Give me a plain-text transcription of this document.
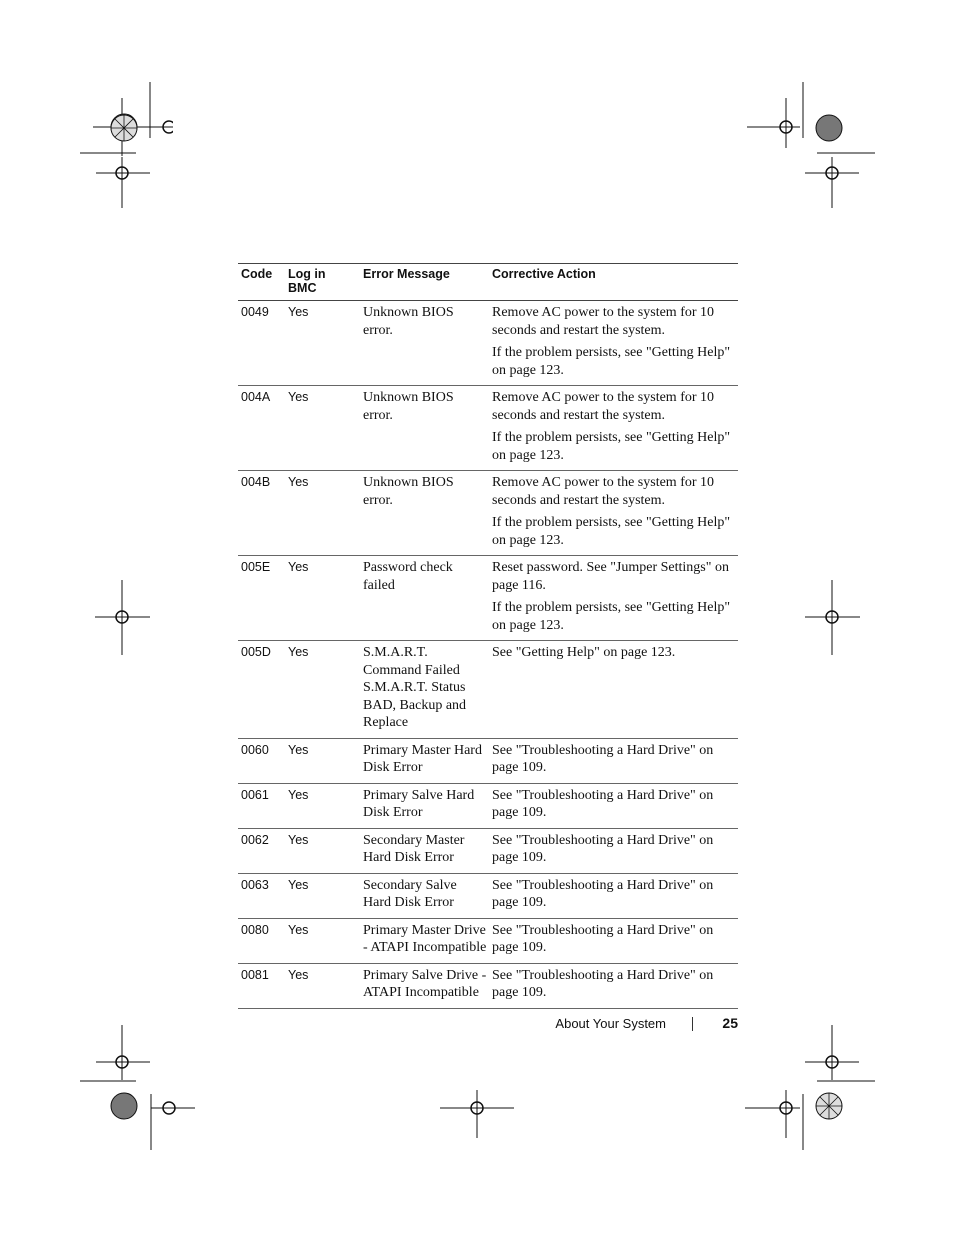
Code	Log in BMC	Error Message	Corrective Action
0049	Yes	Unknown BIOS error.	Remove AC power to the system for 10 seconds and restart the system.

If the problem persists, see "Getting Help" on page 123.

004A	Yes	Unknown BIOS error.	Remove AC power to the system for 10 seconds and restart the system.

If the problem persists, see "Getting Help" on page 123.

004B	Yes	Unknown BIOS error.	Remove AC power to the system for 10 seconds and restart the system.

If the problem persists, see "Getting Help" on page 123.

005E	Yes	Password check failed	Reset password. See "Jumper Settings" on page 116.

If the problem persists, see "Getting Help" on page 123.

005D	Yes	S.M.A.R.T. Command Failed S.M.A.R.T. Status BAD, Backup and Replace	See "Getting Help" on page 123.

0060	Yes	Primary Master Hard Disk Error	See "Troubleshooting a Hard Drive" on page 109.

0061	Yes	Primary Salve Hard Disk Error	See "Troubleshooting a Hard Drive" on page 109.

0062	Yes	Secondary Master Hard Disk Error	See "Troubleshooting a Hard Drive" on page 109.

0063	Yes	Secondary Salve Hard Disk Error	See "Troubleshooting a Hard Drive" on page 109.

0080	Yes	Primary Master Drive - ATAPI Incompatible	See "Troubleshooting a Hard Drive" on page 109.

0081	Yes	Primary Salve Drive - ATAPI Incompatible	See "Troubleshooting a Hard Drive" on page 109.

About Your System	25
